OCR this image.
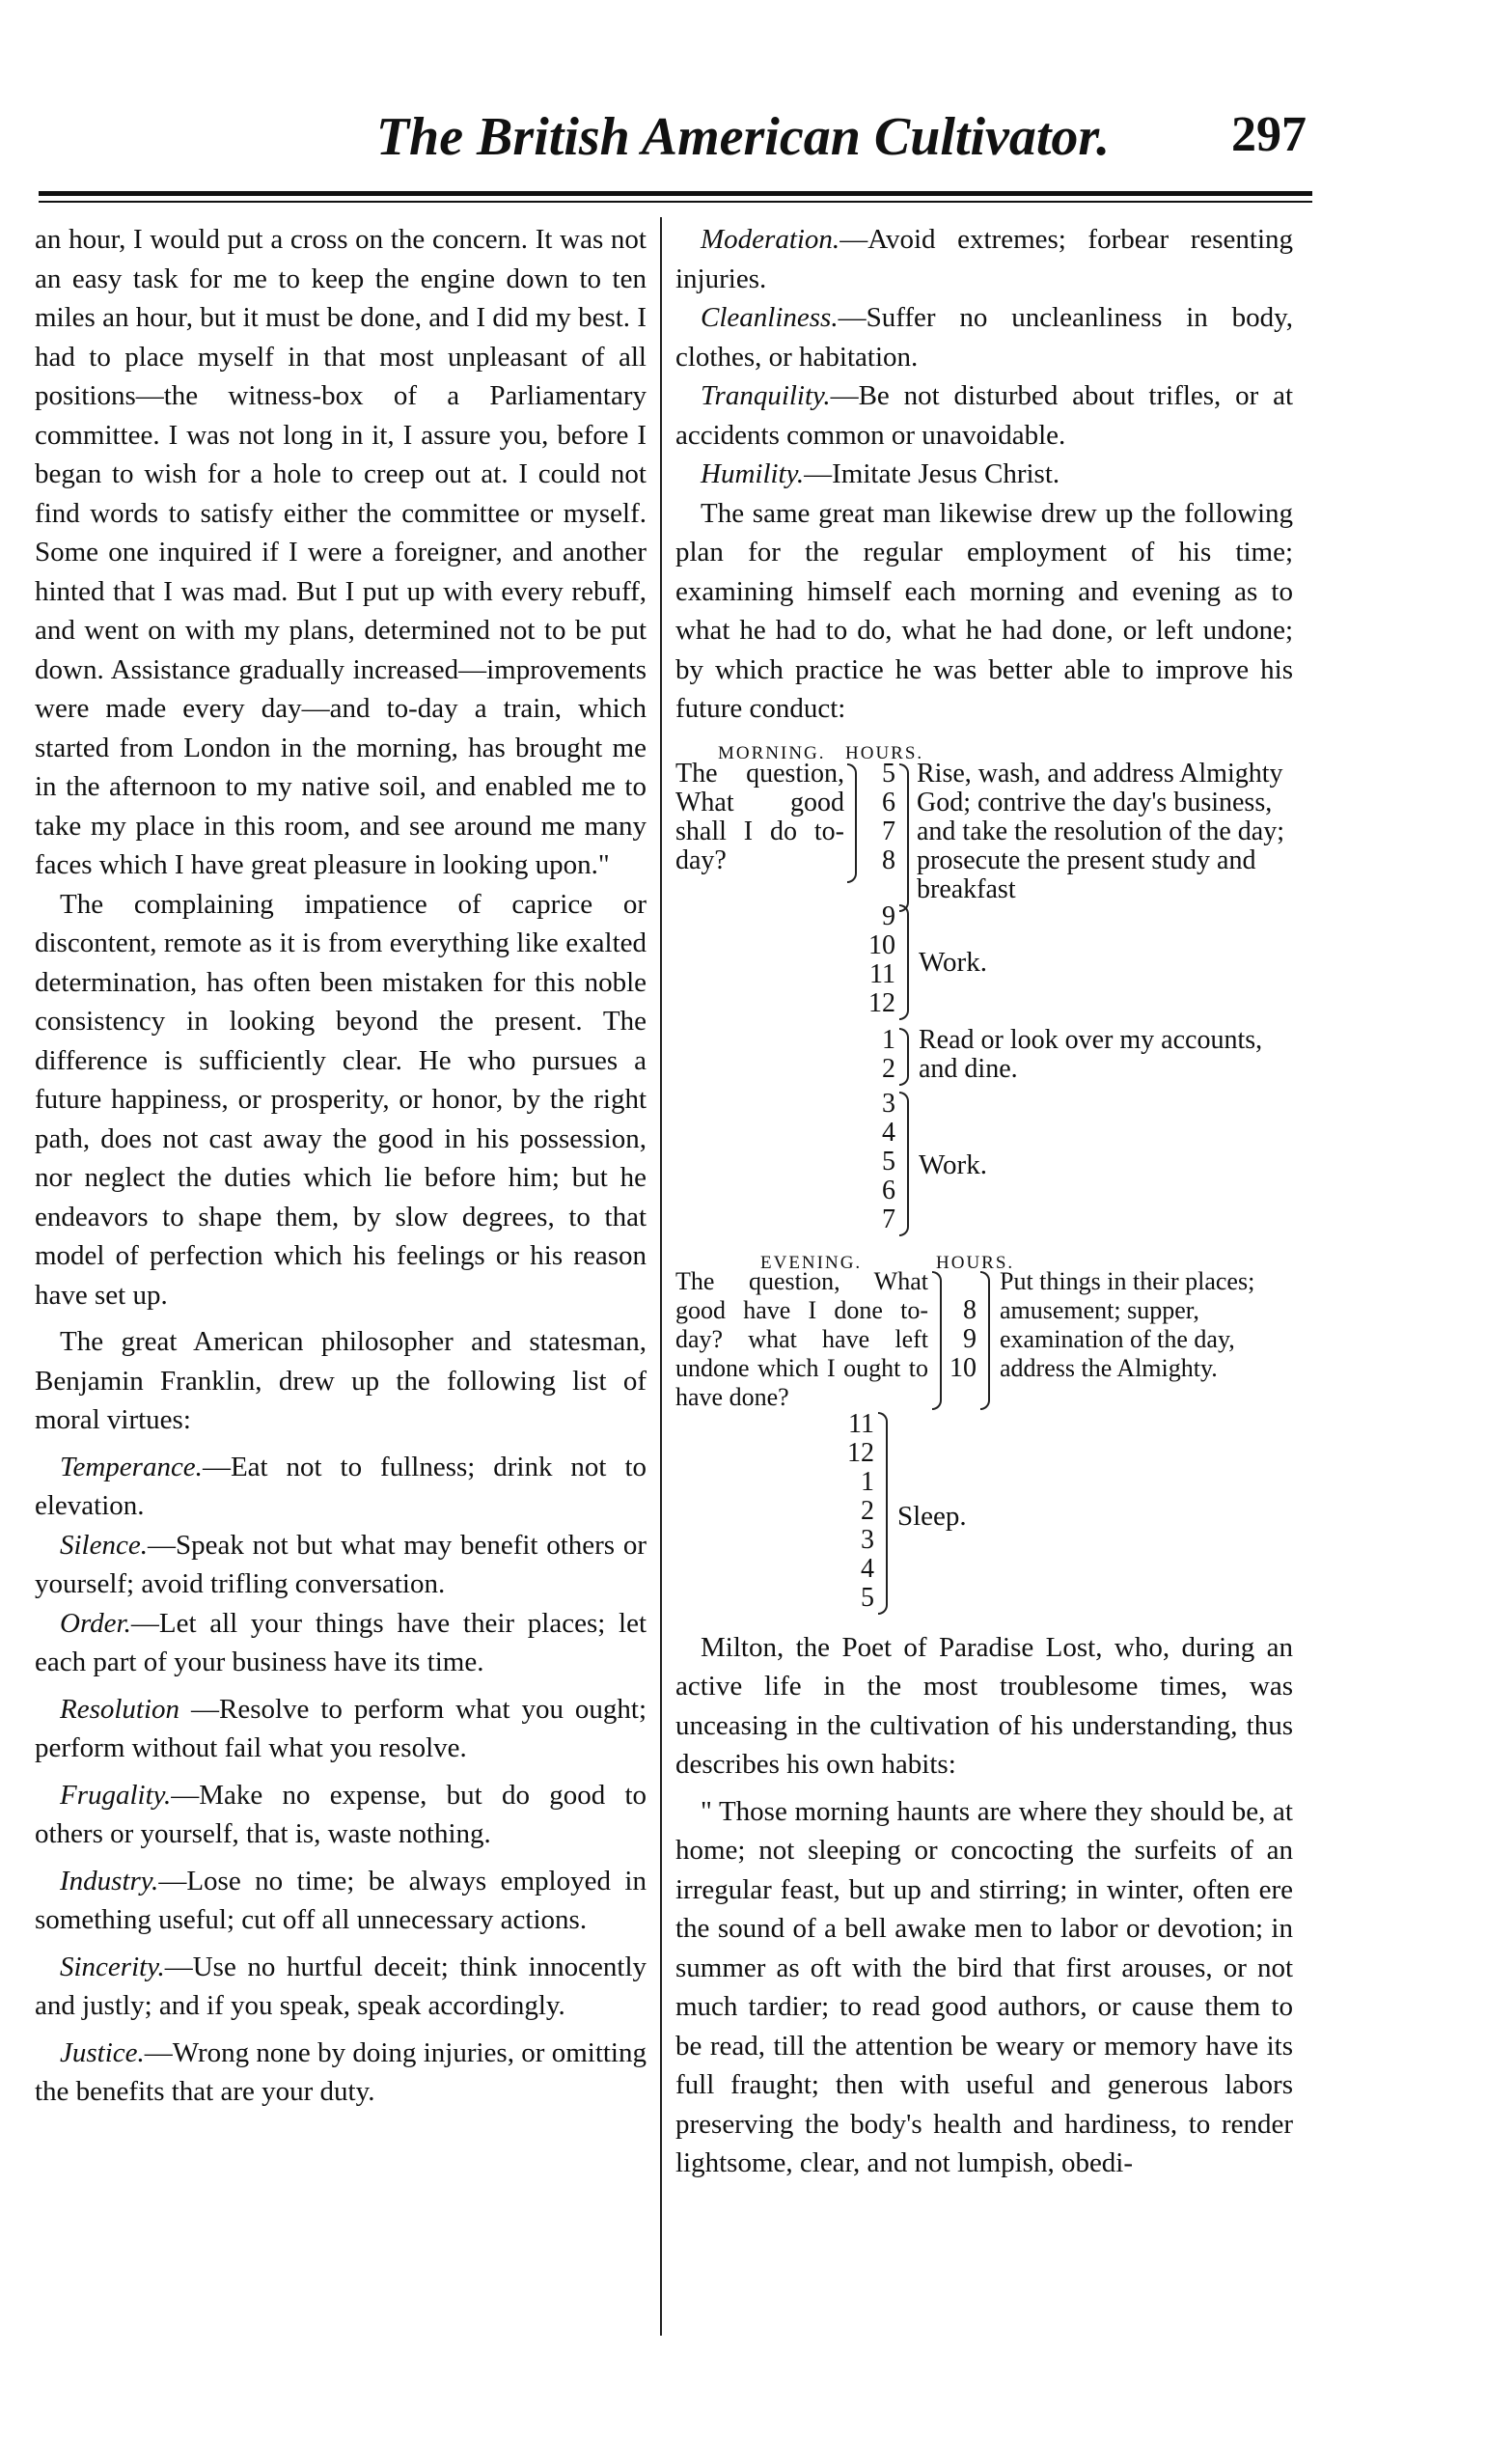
The British American Cultivator.	297

an hour, I would put a cross on the concern. It was not an easy task for me to keep the engine down to ten miles an hour, but it must be done, and I did my best. I had to place myself in that most unpleasant of all positions—the witness-box of a Parliamentary committee. I was not long in it, I assure you, before I began to wish for a hole to creep out at. I could not find words to satisfy either the committee or myself. Some one inquired if I were a foreigner, and another hinted that I was mad. But I put up with every rebuff, and went on with my plans, determined not to be put down. Assistance gradually increased—improvements were made every day—and to-day a train, which started from London in the morning, has brought me in the afternoon to my native soil, and enabled me to take my place in this room, and see around me many faces which I have great pleasure in looking upon."

The complaining impatience of caprice or discontent, remote as it is from everything like exalted determination, has often been mistaken for this noble consistency in looking beyond the present. The difference is sufficiently clear. He who pursues a future happiness, or prosperity, or honor, by the right path, does not cast away the good in his possession, nor neglect the duties which lie before him; but he endeavors to shape them, by slow degrees, to that model of perfection which his feelings or his reason have set up.

The great American philosopher and statesman, Benjamin Franklin, drew up the following list of moral virtues:

Temperance.—Eat not to fullness; drink not to elevation.

Silence.—Speak not but what may benefit others or yourself; avoid trifling conversation.

Order.—Let all your things have their places; let each part of your business have its time.

Resolution —Resolve to perform what you ought; perform without fail what you resolve.

Frugality.—Make no expense, but do good to others or yourself, that is, waste nothing.

Industry.—Lose no time; be always employed in something useful; cut off all unnecessary actions.

Sincerity.—Use no hurtful deceit; think innocently and justly; and if you speak, speak accordingly.

Justice.—Wrong none by doing injuries, or omitting the benefits that are your duty.

Moderation.—Avoid extremes; forbear resenting injuries.

Cleanliness.—Suffer no uncleanliness in body, clothes, or habitation.

Tranquility.—Be not disturbed about trifles, or at accidents common or unavoidable.

Humility.—Imitate Jesus Christ.

The same great man likewise drew up the following plan for the regular employment of his time; examining himself each morning and evening as to what he had to do, what he had done, or left undone; by which practice he was better able to improve his future conduct:

MORNING. HOURS.
The question, What good shall I do to-day?
5
6
7
8
Rise, wash, and address Almighty God; contrive the day's business, and take the resolution of the day; prosecute the present study and breakfast
9
10
11
12
Work.
1
2
Read or look over my accounts, and dine.
3
4
5
6
7
Work.
EVENING.	HOURS.
The question, What good have I done to-day? what have left undone which I ought to have done?
8
9
10
Put things in their places; amusement; supper, examination of the day, address the Almighty.
11
12
1
2
3
4
5
Sleep.

Milton, the Poet of Paradise Lost, who, during an active life in the most troublesome times, was unceasing in the cultivation of his understanding, thus describes his own habits:

" Those morning haunts are where they should be, at home; not sleeping or concocting the surfeits of an irregular feast, but up and stirring; in winter, often ere the sound of a bell awake men to labor or devotion; in summer as oft with the bird that first arouses, or not much tardier; to read good authors, or cause them to be read, till the attention be weary or memory have its full fraught; then with useful and generous labors preserving the body's health and hardiness, to render lightsome, clear, and not lumpish, obedi-
